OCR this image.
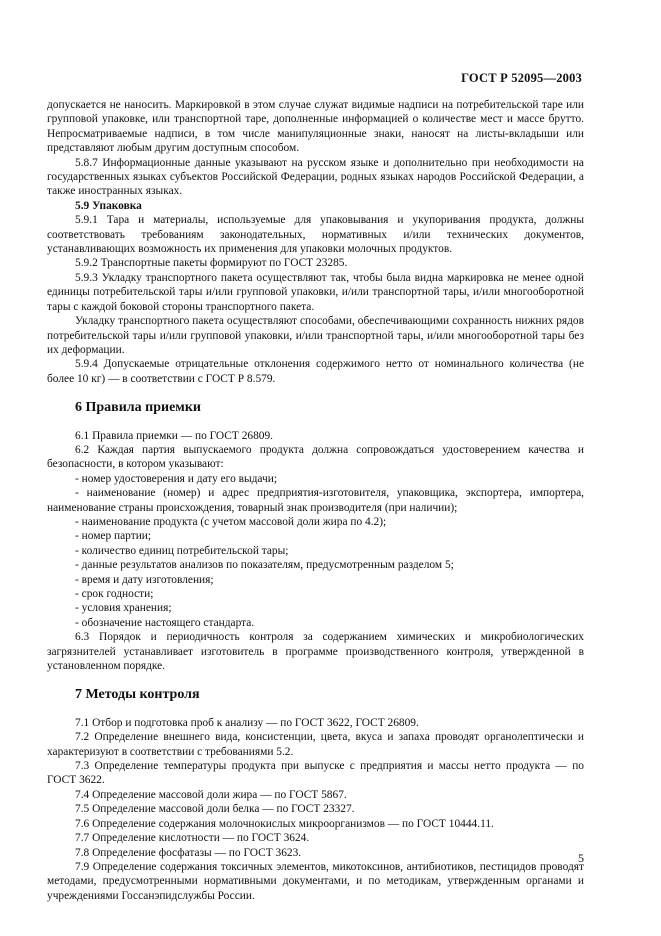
ГОСТ Р 52095—2003

допускается не наносить. Маркировкой в этом случае служат видимые надписи на потребительской таре или групповой упаковке, или транспортной таре, дополненные информацией о количестве мест и массе брутто. Непросматриваемые надписи, в том числе манипуляционные знаки, наносят на листы-вкладыши или представляют любым другим доступным способом.

5.8.7 Информационные данные указывают на русском языке и дополнительно при необходимости на государственных языках субъектов Российской Федерации, родных языках народов Российской Федерации, а также иностранных языках.

5.9 Упаковка

5.9.1 Тара и материалы, используемые для упаковывания и укупоривания продукта, должны соответствовать требованиям законодательных, нормативных и/или технических документов, устанавливающих возможность их применения для упаковки молочных продуктов.

5.9.2 Транспортные пакеты формируют по ГОСТ 23285.

5.9.3 Укладку транспортного пакета осуществляют так, чтобы была видна маркировка не менее одной единицы потребительской тары и/или групповой упаковки, и/или транспортной тары, и/или многооборотной тары с каждой боковой стороны транспортного пакета.

Укладку транспортного пакета осуществляют способами, обеспечивающими сохранность нижних рядов потребительской тары и/или групповой упаковки, и/или транспортной тары, и/или многооборотной тары без их деформации.

5.9.4 Допускаемые отрицательные отклонения содержимого нетто от номинального количества (не более 10 кг) — в соответствии с ГОСТ Р 8.579.

6 Правила приемки

6.1 Правила приемки — по ГОСТ 26809.

6.2 Каждая партия выпускаемого продукта должна сопровождаться удостоверением качества и безопасности, в котором указывают:

- номер удостоверения и дату его выдачи;

- наименование (номер) и адрес предприятия-изготовителя, упаковщика, экспортера, импортера, наименование страны происхождения, товарный знак производителя (при наличии);

- наименование продукта (с учетом массовой доли жира по 4.2);

- номер партии;

- количество единиц потребительской тары;

- данные результатов анализов по показателям, предусмотренным разделом 5;

- время и дату изготовления;

- срок годности;

- условия хранения;

- обозначение настоящего стандарта.

6.3 Порядок и периодичность контроля за содержанием химических и микробиологических загрязнителей устанавливает изготовитель в программе производственного контроля, утвержденной в установленном порядке.

7 Методы контроля

7.1 Отбор и подготовка проб к анализу — по ГОСТ 3622, ГОСТ 26809.

7.2 Определение внешнего вида, консистенции, цвета, вкуса и запаха проводят органолептически и характеризуют в соответствии с требованиями 5.2.

7.3 Определение температуры продукта при выпуске с предприятия и массы нетто продукта — по ГОСТ 3622.

7.4 Определение массовой доли жира — по ГОСТ 5867.

7.5 Определение массовой доли белка — по ГОСТ 23327.

7.6 Определение содержания молочнокислых микроорганизмов — по ГОСТ 10444.11.

7.7 Определение кислотности — по ГОСТ 3624.

7.8 Определение фосфатазы — по ГОСТ 3623.

7.9 Определение содержания токсичных элементов, микотоксинов, антибиотиков, пестицидов проводят методами, предусмотренными нормативными документами, и по методикам, утвержденным органами и учреждениями Госсанэпидслужбы России.

5
